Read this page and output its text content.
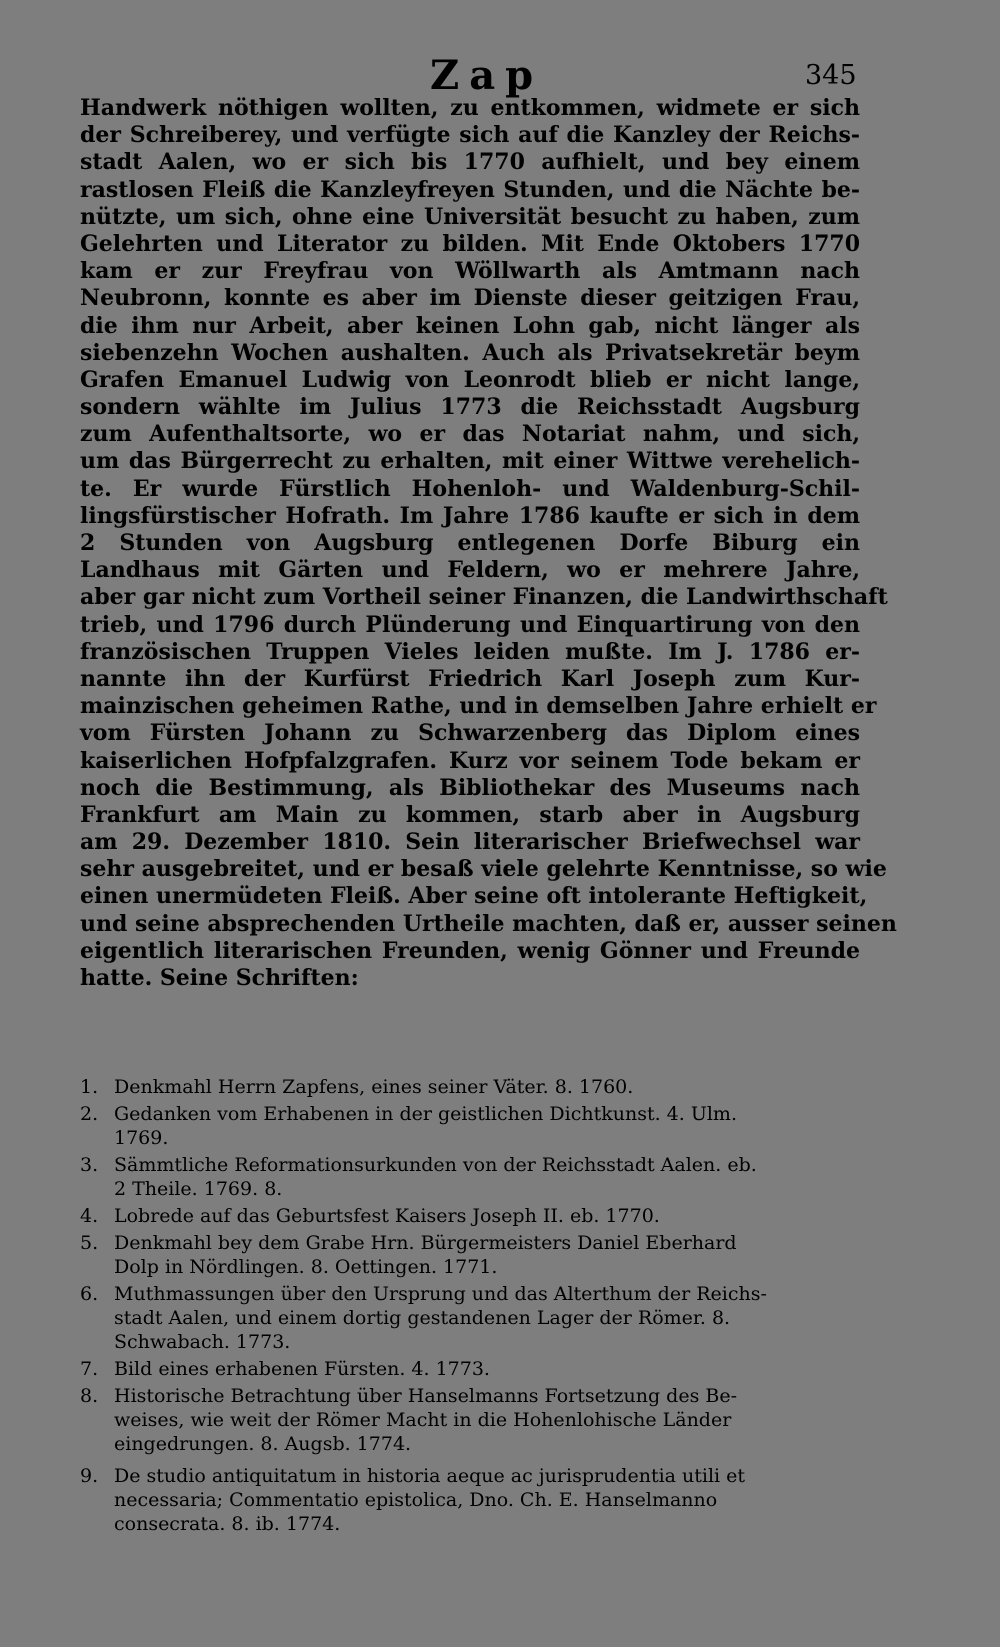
Zap	345
Handwerk nöthigen wollten, zu entkommen, widmete er sich
der Schreiberey, und verfügte sich auf die Kanzley der Reichs-
stadt Aalen, wo er sich bis 1770 aufhielt, und bey einem
rastlosen Fleiß die Kanzleyfreyen Stunden, und die Nächte be-
nützte, um sich, ohne eine Universität besucht zu haben, zum
Gelehrten und Literator zu bilden. Mit Ende Oktobers 1770
kam er zur Freyfrau von Wöllwarth als Amtmann nach
Neubronn, konnte es aber im Dienste dieser geitzigen Frau,
die ihm nur Arbeit, aber keinen Lohn gab, nicht länger als
siebenzehn Wochen aushalten. Auch als Privatsekretär beym
Grafen Emanuel Ludwig von Leonrodt blieb er nicht lange,
sondern wählte im Julius 1773 die Reichsstadt Augsburg
zum Aufenthaltsorte, wo er das Notariat nahm, und sich,
um das Bürgerrecht zu erhalten, mit einer Wittwe verehelich-
te. Er wurde Fürstlich Hohenloh- und Waldenburg-Schil-
lingsfürstischer Hofrath. Im Jahre 1786 kaufte er sich in dem
2 Stunden von Augsburg entlegenen Dorfe Biburg ein
Landhaus mit Gärten und Feldern, wo er mehrere Jahre,
aber gar nicht zum Vortheil seiner Finanzen, die Landwirthschaft
trieb, und 1796 durch Plünderung und Einquartirung von den
französischen Truppen Vieles leiden mußte. Im J. 1786 er-
nannte ihn der Kurfürst Friedrich Karl Joseph zum Kur-
mainzischen geheimen Rathe, und in demselben Jahre erhielt er
vom Fürsten Johann zu Schwarzenberg das Diplom eines
kaiserlichen Hofpfalzgrafen. Kurz vor seinem Tode bekam er
noch die Bestimmung, als Bibliothekar des Museums nach
Frankfurt am Main zu kommen, starb aber in Augsburg
am 29. Dezember 1810. Sein literarischer Briefwechsel war
sehr ausgebreitet, und er besaß viele gelehrte Kenntnisse, so wie
einen unermüdeten Fleiß. Aber seine oft intolerante Heftigkeit,
und seine absprechenden Urtheile machten, daß er, ausser seinen
eigentlich literarischen Freunden, wenig Gönner und Freunde
hatte. Seine Schriften:
1. Denkmahl Herrn Zapfens, eines seiner Väter. 8. 1760.
2. Gedanken vom Erhabenen in der geistlichen Dichtkunst. 4. Ulm.
1769.
3. Sämmtliche Reformationsurkunden von der Reichsstadt Aalen. eb.
2 Theile. 1769. 8.
4. Lobrede auf das Geburtsfest Kaisers Joseph II. eb. 1770.
5. Denkmahl bey dem Grabe Hrn. Bürgermeisters Daniel Eberhard
Dolp in Nördlingen. 8. Oettingen. 1771.
6. Muthmassungen über den Ursprung und das Alterthum der Reichs-
stadt Aalen, und einem dortig gestandenen Lager der Römer. 8.
Schwabach. 1773.
7. Bild eines erhabenen Fürsten. 4. 1773.
8. Historische Betrachtung über Hanselmanns Fortsetzung des Be-
weises, wie weit der Römer Macht in die Hohenlohische Länder
eingedrungen. 8. Augsb. 1774.
9. De studio antiquitatum in historia aeque ac jurisprudentia utili et
necessaria; Commentatio epistolica, Dno. Ch. E. Hanselmanno
consecrata. 8. ib. 1774.
